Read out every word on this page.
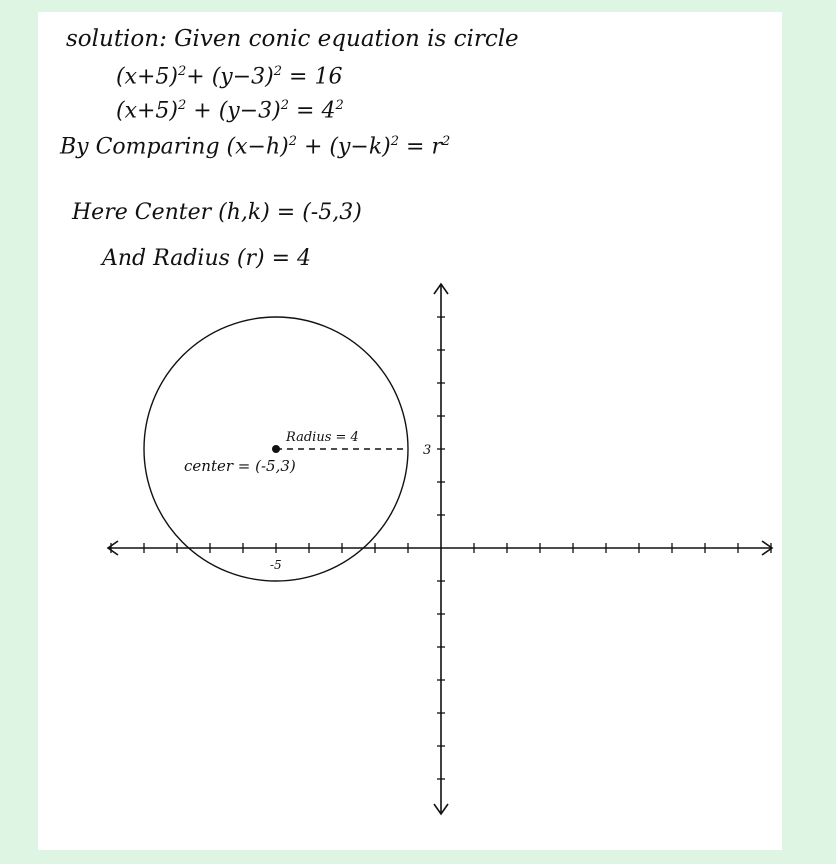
solution: Given conic equation is circle
$(x+5)^2+ (y-3)^2 = 16$
$(x+5)^2 + (y-3)^2 = 4^2$
By Comparing $(x-h)^2 + (y-k)^2 = r^2$
Here Center (h,k) = (-5,3)
And Radius (r) = 4
Radius = 4
center = (-5,3)
3
-5
